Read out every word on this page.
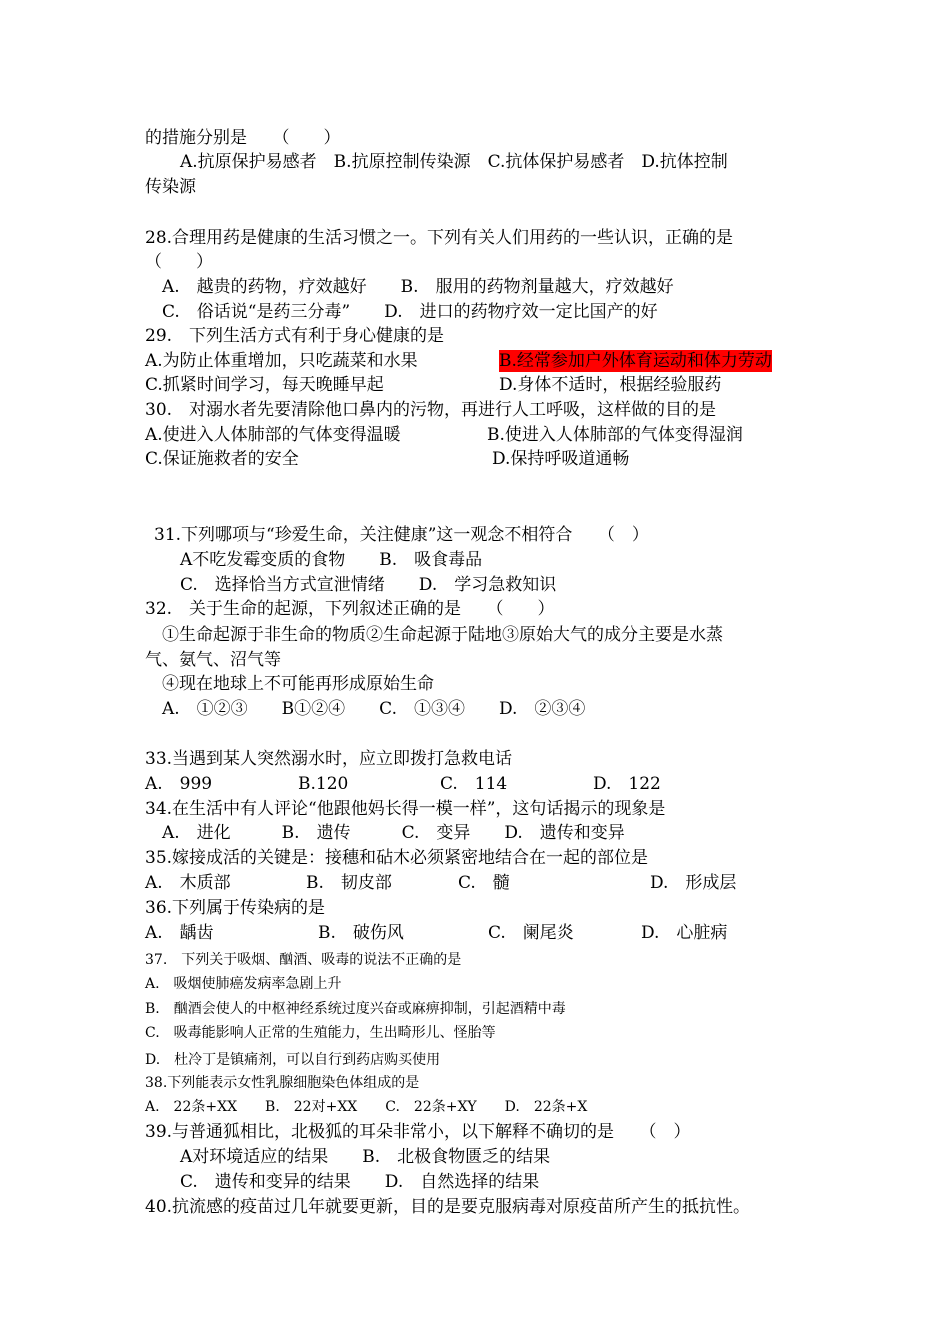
的措施分别是　　（　　）
A.抗原保护易感者　B.抗原控制传染源　C.抗体保护易感者　D.抗体控制
传染源
28.合理用药是健康的生活习惯之一。下列有关人们用药的一些认识，正确的是
（　　）
A.　越贵的药物，疗效越好　　B.　服用的药物剂量越大，疗效越好
C.　俗话说“是药三分毒”　　D.　进口的药物疗效一定比国产的好
29.　下列生活方式有利于身心健康的是
A.为防止体重增加，只吃蔬菜和水果	B.经常参加户外体育运动和体力劳动
C.抓紧时间学习，每天晚睡早起	D.身体不适时，根据经验服药
30.　对溺水者先要清除他口鼻内的污物，再进行人工呼吸，这样做的目的是
A.使进入人体肺部的气体变得温暖	B.使进入人体肺部的气体变得湿润
C.保证施救者的安全	D.保持呼吸道通畅
31.下列哪项与“珍爱生命，关注健康”这一观念不相符合　　（　）
A不吃发霉变质的食物　　B.　吸食毒品
C.　选择恰当方式宣泄情绪　　D.　学习急救知识
32.　关于生命的起源，下列叙述正确的是　　（　　）
①生命起源于非生命的物质②生命起源于陆地③原始大气的成分主要是水蒸
气、氨气、沼气等
④现在地球上不可能再形成原始生命
A.　①②③　　B①②④　　C.　①③④　　D.　②③④
33.当遇到某人突然溺水时，应立即拨打急救电话
A.　999	B.120	C.　114	D.　122
34.在生活中有人评论“他跟他妈长得一模一样”，这句话揭示的现象是
A.　进化　　　B.　遗传　　　C.　变异　　D.　遗传和变异
35.嫁接成活的关键是：接穗和砧木必须紧密地结合在一起的部位是
A.　木质部	B.　韧皮部	C.　髓	D.　形成层
36.下列属于传染病的是
A.　龋齿	B.　破伤风	C.　阑尾炎	D.　心脏病
37.　下列关于吸烟、酗酒、吸毒的说法不正确的是
A.　吸烟使肺癌发病率急剧上升
B.　酗酒会使人的中枢神经系统过度兴奋或麻痹抑制，引起酒精中毒
C.　吸毒能影响人正常的生殖能力，生出畸形儿、怪胎等
D.　杜冷丁是镇痛剂，可以自行到药店购买使用
38.下列能表示女性乳腺细胞染色体组成的是
A.　22条+XX　　B.　22对+XX　　C.　22条+XY　　D.　22条+X
39.与普通狐相比，北极狐的耳朵非常小，以下解释不确切的是　　（　）
A对环境适应的结果　　B.　北极食物匮乏的结果
C.　遗传和变异的结果　　D.　自然选择的结果
40.抗流感的疫苗过几年就要更新，目的是要克服病毒对原疫苗所产生的抵抗性。
